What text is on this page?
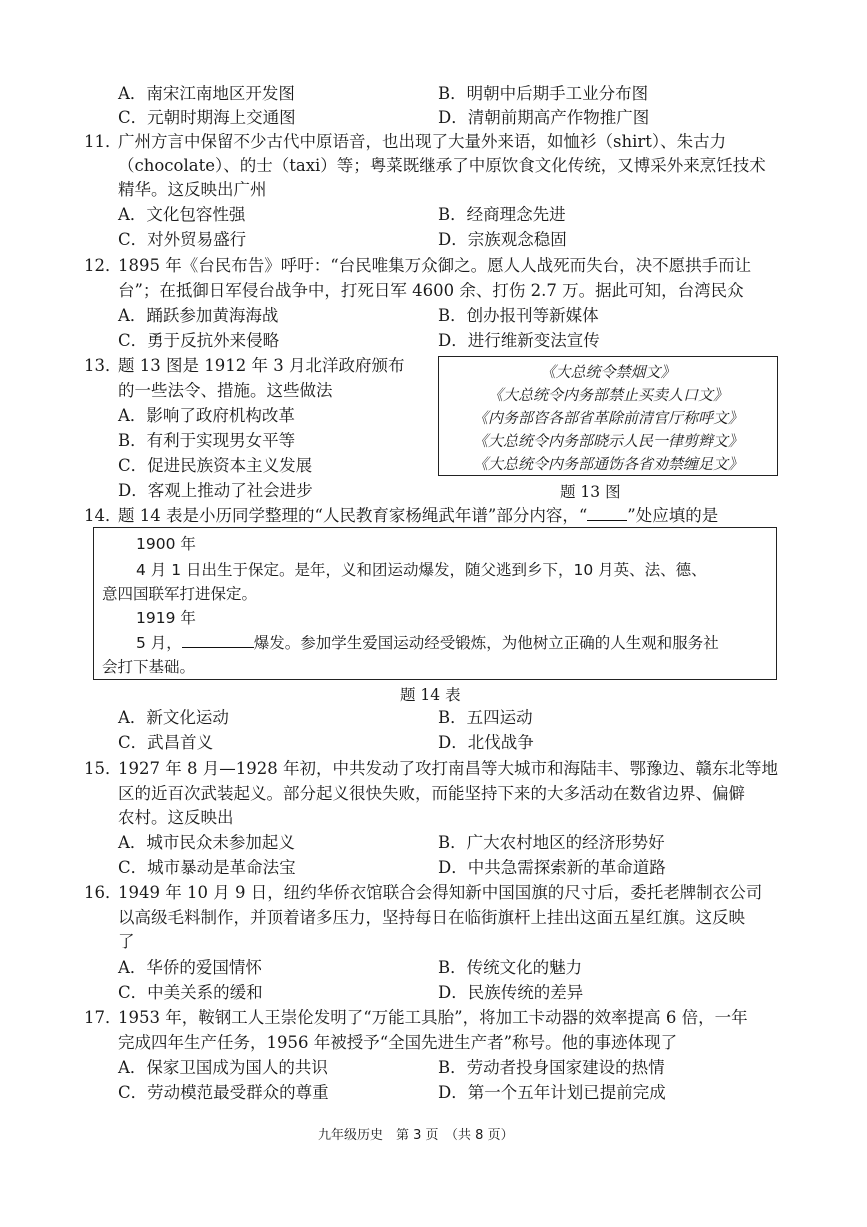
A．南宋江南地区开发图	B．明朝中后期手工业分布图
C．元朝时期海上交通图	D．清朝前期高产作物推广图
11．
广州方言中保留不少古代中原语音，也出现了大量外来语，如恤衫（shirt）、朱古力
（chocolate）、的士（taxi）等；粤菜既继承了中原饮食文化传统，又博采外来烹饪技术
精华。这反映出广州
A．文化包容性强	B．经商理念先进
C．对外贸易盛行	D．宗族观念稳固
12．
1895 年《台民布告》呼吁：“台民唯集万众御之。愿人人战死而失台，决不愿拱手而让
台”；在抵御日军侵台战争中，打死日军 4600 余、打伤 2.7 万。据此可知，台湾民众
A．踊跃参加黄海海战	B．创办报刊等新媒体
C．勇于反抗外来侵略	D．进行维新变法宣传
13．
题 13 图是 1912 年 3 月北洋政府颁布
的一些法令、措施。这些做法
A．影响了政府机构改革
B．有利于实现男女平等
C．促进民族资本主义发展
D．客观上推动了社会进步
《大总统令禁烟文》
《大总统令内务部禁止买卖人口文》
《内务部咨各部省革除前清官厅称呼文》
《大总统令内务部晓示人民一律剪辫文》
《大总统令内务部通饬各省劝禁缠足文》
题 13 图
14．
题 14 表是小历同学整理的“人民教育家杨绳武年谱”部分内容，“ ”处应填的是
1900 年
4 月 1 日出生于保定。是年，义和团运动爆发，随父逃到乡下，10 月英、法、德、
意四国联军打进保定。
1919 年
5 月，	爆发。参加学生爱国运动经受锻炼，为他树立正确的人生观和服务社
会打下基础。
题 14 表
A．新文化运动	B．五四运动
C．武昌首义	D．北伐战争
15．
1927 年 8 月—1928 年初，中共发动了攻打南昌等大城市和海陆丰、鄂豫边、赣东北等地
区的近百次武装起义。部分起义很快失败，而能坚持下来的大多活动在数省边界、偏僻
农村。这反映出
A．城市民众未参加起义	B．广大农村地区的经济形势好
C．城市暴动是革命法宝	D．中共急需探索新的革命道路
16．
1949 年 10 月 9 日，纽约华侨衣馆联合会得知新中国国旗的尺寸后，委托老牌制衣公司
以高级毛料制作，并顶着诸多压力，坚持每日在临街旗杆上挂出这面五星红旗。这反映
了
A．华侨的爱国情怀	B．传统文化的魅力
C．中美关系的缓和	D．民族传统的差异
17．
1953 年，鞍钢工人王崇伦发明了“万能工具胎”，将加工卡动器的效率提高 6 倍，一年
完成四年生产任务，1956 年被授予“全国先进生产者”称号。他的事迹体现了
A．保家卫国成为国人的共识	B．劳动者投身国家建设的热情
C．劳动模范最受群众的尊重	D．第一个五年计划已提前完成
九年级历史　第 3 页　（共 8 页）
